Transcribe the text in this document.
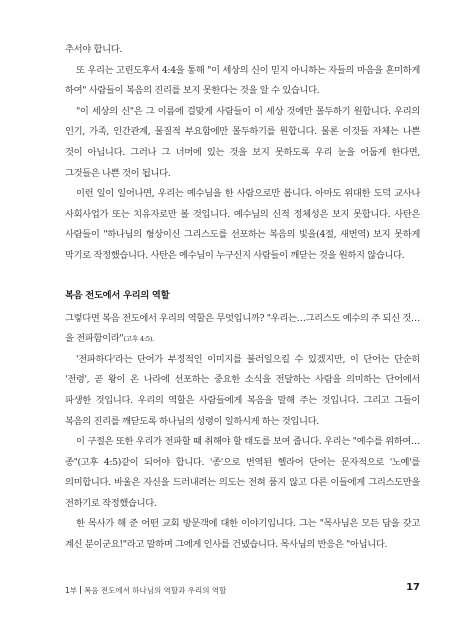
추서야 합니다.

또 우리는 고린도후서 4:4을 통해 "이 세상의 신이 믿지 아니하는 자들의 마음을 혼미하게 하여" 사람들이 복음의 진리를 보지 못한다는 것을 알 수 있습니다.

"이 세상의 신"은 그 이름에 걸맞게 사람들이 이 세상 것에만 몰두하기 원합니다. 우리의 인기, 가족, 인간관계, 물질적 부요함에만 몰두하기를 원합니다. 물론 이것들 자체는 나쁜 것이 아닙니다. 그러나 그 너머에 있는 것을 보지 못하도록 우리 눈을 어둡게 한다면, 그것들은 나쁜 것이 됩니다.

이런 일이 일어나면, 우리는 예수님을 한 사람으로만 봅니다. 아마도 위대한 도덕 교사나 사회사업가 또는 치유자로만 볼 것입니다. 예수님의 신적 정체성은 보지 못합니다. 사탄은 사람들이 "하나님의 형상이신 그리스도를 선포하는 복음의 빛을(4절, 새번역) 보지 못하게 막기로 작정했습니다. 사탄은 예수님이 누구신지 사람들이 깨닫는 것을 원하지 않습니다.

복음 전도에서 우리의 역할

그렇다면 복음 전도에서 우리의 역할은 무엇입니까? "우리는…그리스도 예수의 주 되신 것…을 전파함이라"(고후 4:5).

'전파하다'라는 단어가 부정적인 이미지를 불러일으킬 수 있겠지만, 이 단어는 단순히 '전령', 곧 왕이 온 나라에 선포하는 중요한 소식을 전달하는 사람을 의미하는 단어에서 파생한 것입니다. 우리의 역할은 사람들에게 복음을 말해 주는 것입니다. 그리고 그들이 복음의 진리를 깨닫도록 하나님의 성령이 일하시게 하는 것입니다.

이 구절은 또한 우리가 전파할 때 취해야 할 태도를 보여 줍니다. 우리는 "예수를 위하여…종"(고후 4:5)같이 되어야 합니다. '종'으로 번역된 헬라어 단어는 문자적으로 '노예'를 의미합니다. 바울은 자신을 드러내려는 의도는 전혀 품지 않고 다른 이들에게 그리스도만을 전하기로 작정했습니다.

한 목사가 해 준 어떤 교회 방문객에 대한 이야기입니다. 그는 "목사님은 모든 답을 갖고 계신 분이군요!"라고 말하며 그에게 인사를 건넸습니다. 목사님의 반응은 "아닙니다.

1부 복음 전도에서 하나님의 역할과 우리의 역할	17
